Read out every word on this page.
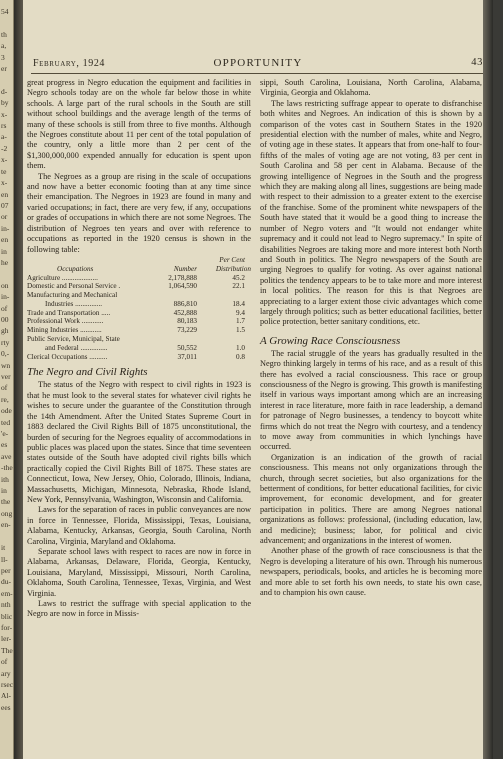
54

th
a,
3
er

d-
by
x-
rs
a-
-2
x-
te
x-
en
07
or
in-
en
in
he

on
in-
of
00
gh
rty
0,-
wn
ver
of
re,
ode
ted
'e-
es
ave
-the
ith
in
the
ong
en-

it
ll-
per
du-
em-
nth
blic
for-
ler-
The
of
ary
rsec
Al-
ees
February, 1924	OPPORTUNITY	43

great progress in Negro education the equipment and facilities in Negro schools today are on the whole far below those in white schools. A large part of the rural schools in the South are still without school buildings and the average length of the terms of many of these schools is still from three to five months. Although the Negroes constitute about 11 per cent of the total population of the country, only a little more than 2 per cent of the $1,300,000,000 expended annually for education is spent upon them.

The Negroes as a group are rising in the scale of occupations and now have a better economic footing than at any time since their emancipation. The Negroes in 1923 are found in many and varied occupations; in fact, there are very few, if any, occupations or grades of occupations in which there are not some Negroes. The distribution of Negroes ten years and over with reference to occupations as reported in the 1920 census is shown in the following table:

		Per Cent
Occupations	Number	Distribution
Agriculture ....................	2,178,888	45.2
Domestic and Personal Service .	1,064,590	22.1
Manufacturing and Mechanical		
Industries ...............	886,810	18.4
Trade and Transportation .....	452,888	9.4
Professional Work ............	80,183	1.7
Mining Industries ............	73,229	1.5
Public Service, Municipal, State		
and Federal ...............	50,552	1.0
Clerical Occupations ..........	37,011	0.8
The Negro and Civil Rights

The status of the Negro with respect to civil rights in 1923 is that he must look to the several states for whatever civil rights he wishes to secure under the guarantee of the Constitution through the 14th Amendment. After the United States Supreme Court in 1883 declared the Civil Rights Bill of 1875 unconstitutional, the burden of securing for the Negroes equality of accommodations in public places was placed upon the states. Since that time seventeen states outside of the South have adopted civil rights bills which practically copied the Civil Rights Bill of 1875. These states are Connecticut, Iowa, New Jersey, Ohio, Colorado, Illinois, Indiana, Massachusetts, Michigan, Minnesota, Nebraska, Rhode Island, New York, Pennsylvania, Washington, Wisconsin and California.

Laws for the separation of races in public conveyances are now in force in Tennessee, Florida, Mississippi, Texas, Louisiana, Alabama, Kentucky, Arkansas, Georgia, South Carolina, North Carolina, Virginia, Maryland and Oklahoma.

Separate school laws with respect to races are now in force in Alabama, Arkansas, Delaware, Florida, Georgia, Kentucky, Louisiana, Maryland, Mississippi, Missouri, North Carolina, Oklahoma, South Carolina, Tennessee, Texas, Virginia, and West Virginia.

Laws to restrict the suffrage with special application to the Negro are now in force in Missis-

sippi, South Carolina, Louisiana, North Carolina, Alabama, Virginia, Georgia and Oklahoma.

The laws restricting suffrage appear to operate to disfranchise both whites and Negroes. An indication of this is shown by a comparison of the votes cast in Southern States in the 1920 presidential election with the number of males, white and Negro, of voting age in these states. It appears that from one-half to four-fifths of the males of voting age are not voting, 83 per cent in South Carolina and 58 per cent in Alabama. Because of the growing intelligence of Negroes in the South and the progress which they are making along all lines, suggestions are being made with respect to their admission to a greater extent to the exercise of the franchise. Some of the prominent white newspapers of the South have stated that it would be a good thing to increase the number of Negro voters and "It would not endanger white supremacy and it could not lead to Negro supremacy." In spite of disabilities Negroes are taking more and more interest both North and South in politics. The Negro newspapers of the South are urging Negroes to qualify for voting. As over against national politics the tendency appears to be to take more and more interest in local politics. The reason for this is that Negroes are appreciating to a larger extent those civic advantages which come largely through politics; such as better educational facilities, better police protection, better sanitary conditions, etc.

A Growing Race Consciousness

The racial struggle of the years has gradually resulted in the Negro thinking largely in terms of his race, and as a result of this there has evolved a racial consciousness. This race or group consciousness of the Negro is growing. This growth is manifesting itself in various ways important among which are an increasing interest in race literature, more faith in race leadership, a demand for patronage of Negro businesses, a tendency to boycott white firms which do not treat the Negro with courtesy, and a tendency to move away from communities in which lynchings have occurred.

Organization is an indication of the growth of racial consciousness. This means not only organizations through the church, through secret societies, but also organizations for the betterment of conditions, for better educational facilities, for civic improvement, for economic development, and for greater participation in politics. There are among Negroes national organizations as follows: professional, (including education, law, and medicine); business; labor, for political and civic advancement; and organizations in the interest of women.

Another phase of the growth of race consciousness is that the Negro is developing a literature of his own. Through his numerous newspapers, periodicals, books, and articles he is becoming more and more able to set forth his own needs, to state his own case, and to champion his own cause.
